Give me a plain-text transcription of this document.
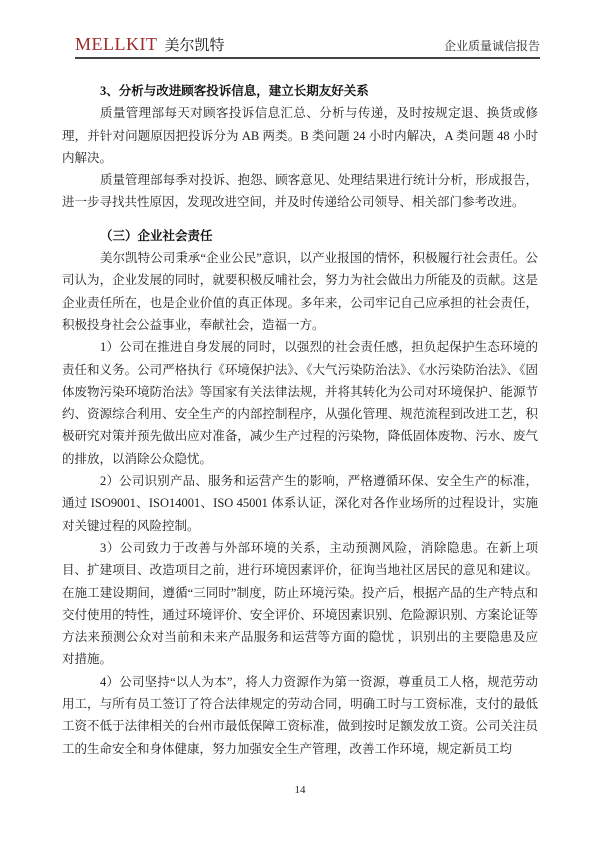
MELLKIT 美尔凯特	企业质量诚信报告
3、分析与改进顾客投诉信息，建立长期友好关系

质量管理部每天对顾客投诉信息汇总、分析与传递，及时按规定退、换货或修理，并针对问题原因把投诉分为 AB 两类。B 类问题 24 小时内解决，A 类问题 48 小时内解决。

质量管理部每季对投诉、抱怨、顾客意见、处理结果进行统计分析，形成报告，进一步寻找共性原因，发现改进空间，并及时传递给公司领导、相关部门参考改进。

（三）企业社会责任

美尔凯特公司秉承“企业公民”意识，以产业报国的情怀，积极履行社会责任。公司认为，企业发展的同时，就要积极反哺社会，努力为社会做出力所能及的贡献。这是企业责任所在，也是企业价值的真正体现。多年来，公司牢记自己应承担的社会责任，积极投身社会公益事业，奉献社会，造福一方。

1）公司在推进自身发展的同时，以强烈的社会责任感，担负起保护生态环境的责任和义务。公司严格执行《环境保护法》、《大气污染防治法》、《水污染防治法》、《固体废物污染环境防治法》等国家有关法律法规，并将其转化为公司对环境保护、能源节约、资源综合利用、安全生产的内部控制程序，从强化管理、规范流程到改进工艺，积极研究对策并预先做出应对准备，减少生产过程的污染物，降低固体废物、污水、废气的排放，以消除公众隐忧。

2）公司识别产品、服务和运营产生的影响，严格遵循环保、安全生产的标准，通过 ISO9001、ISO14001、ISO 45001 体系认证，深化对各作业场所的过程设计，实施对关键过程的风险控制。

3）公司致力于改善与外部环境的关系，主动预测风险，消除隐患。在新上项目、扩建项目、改造项目之前，进行环境因素评价，征询当地社区居民的意见和建议。在施工建设期间，遵循“三同时”制度，防止环境污染。投产后，根据产品的生产特点和交付使用的特性，通过环境评价、安全评价、环境因素识别、危险源识别、方案论证等方法来预测公众对当前和未来产品服务和运营等方面的隐忧 ，识别出的主要隐患及应对措施。

4）公司坚持“以人为本”，将人力资源作为第一资源，尊重员工人格，规范劳动用工，与所有员工签订了符合法律规定的劳动合同，明确工时与工资标准，支付的最低工资不低于法律相关的台州市最低保障工资标准，做到按时足额发放工资。公司关注员工的生命安全和身体健康，努力加强安全生产管理，改善工作环境，规定新员工均

14
